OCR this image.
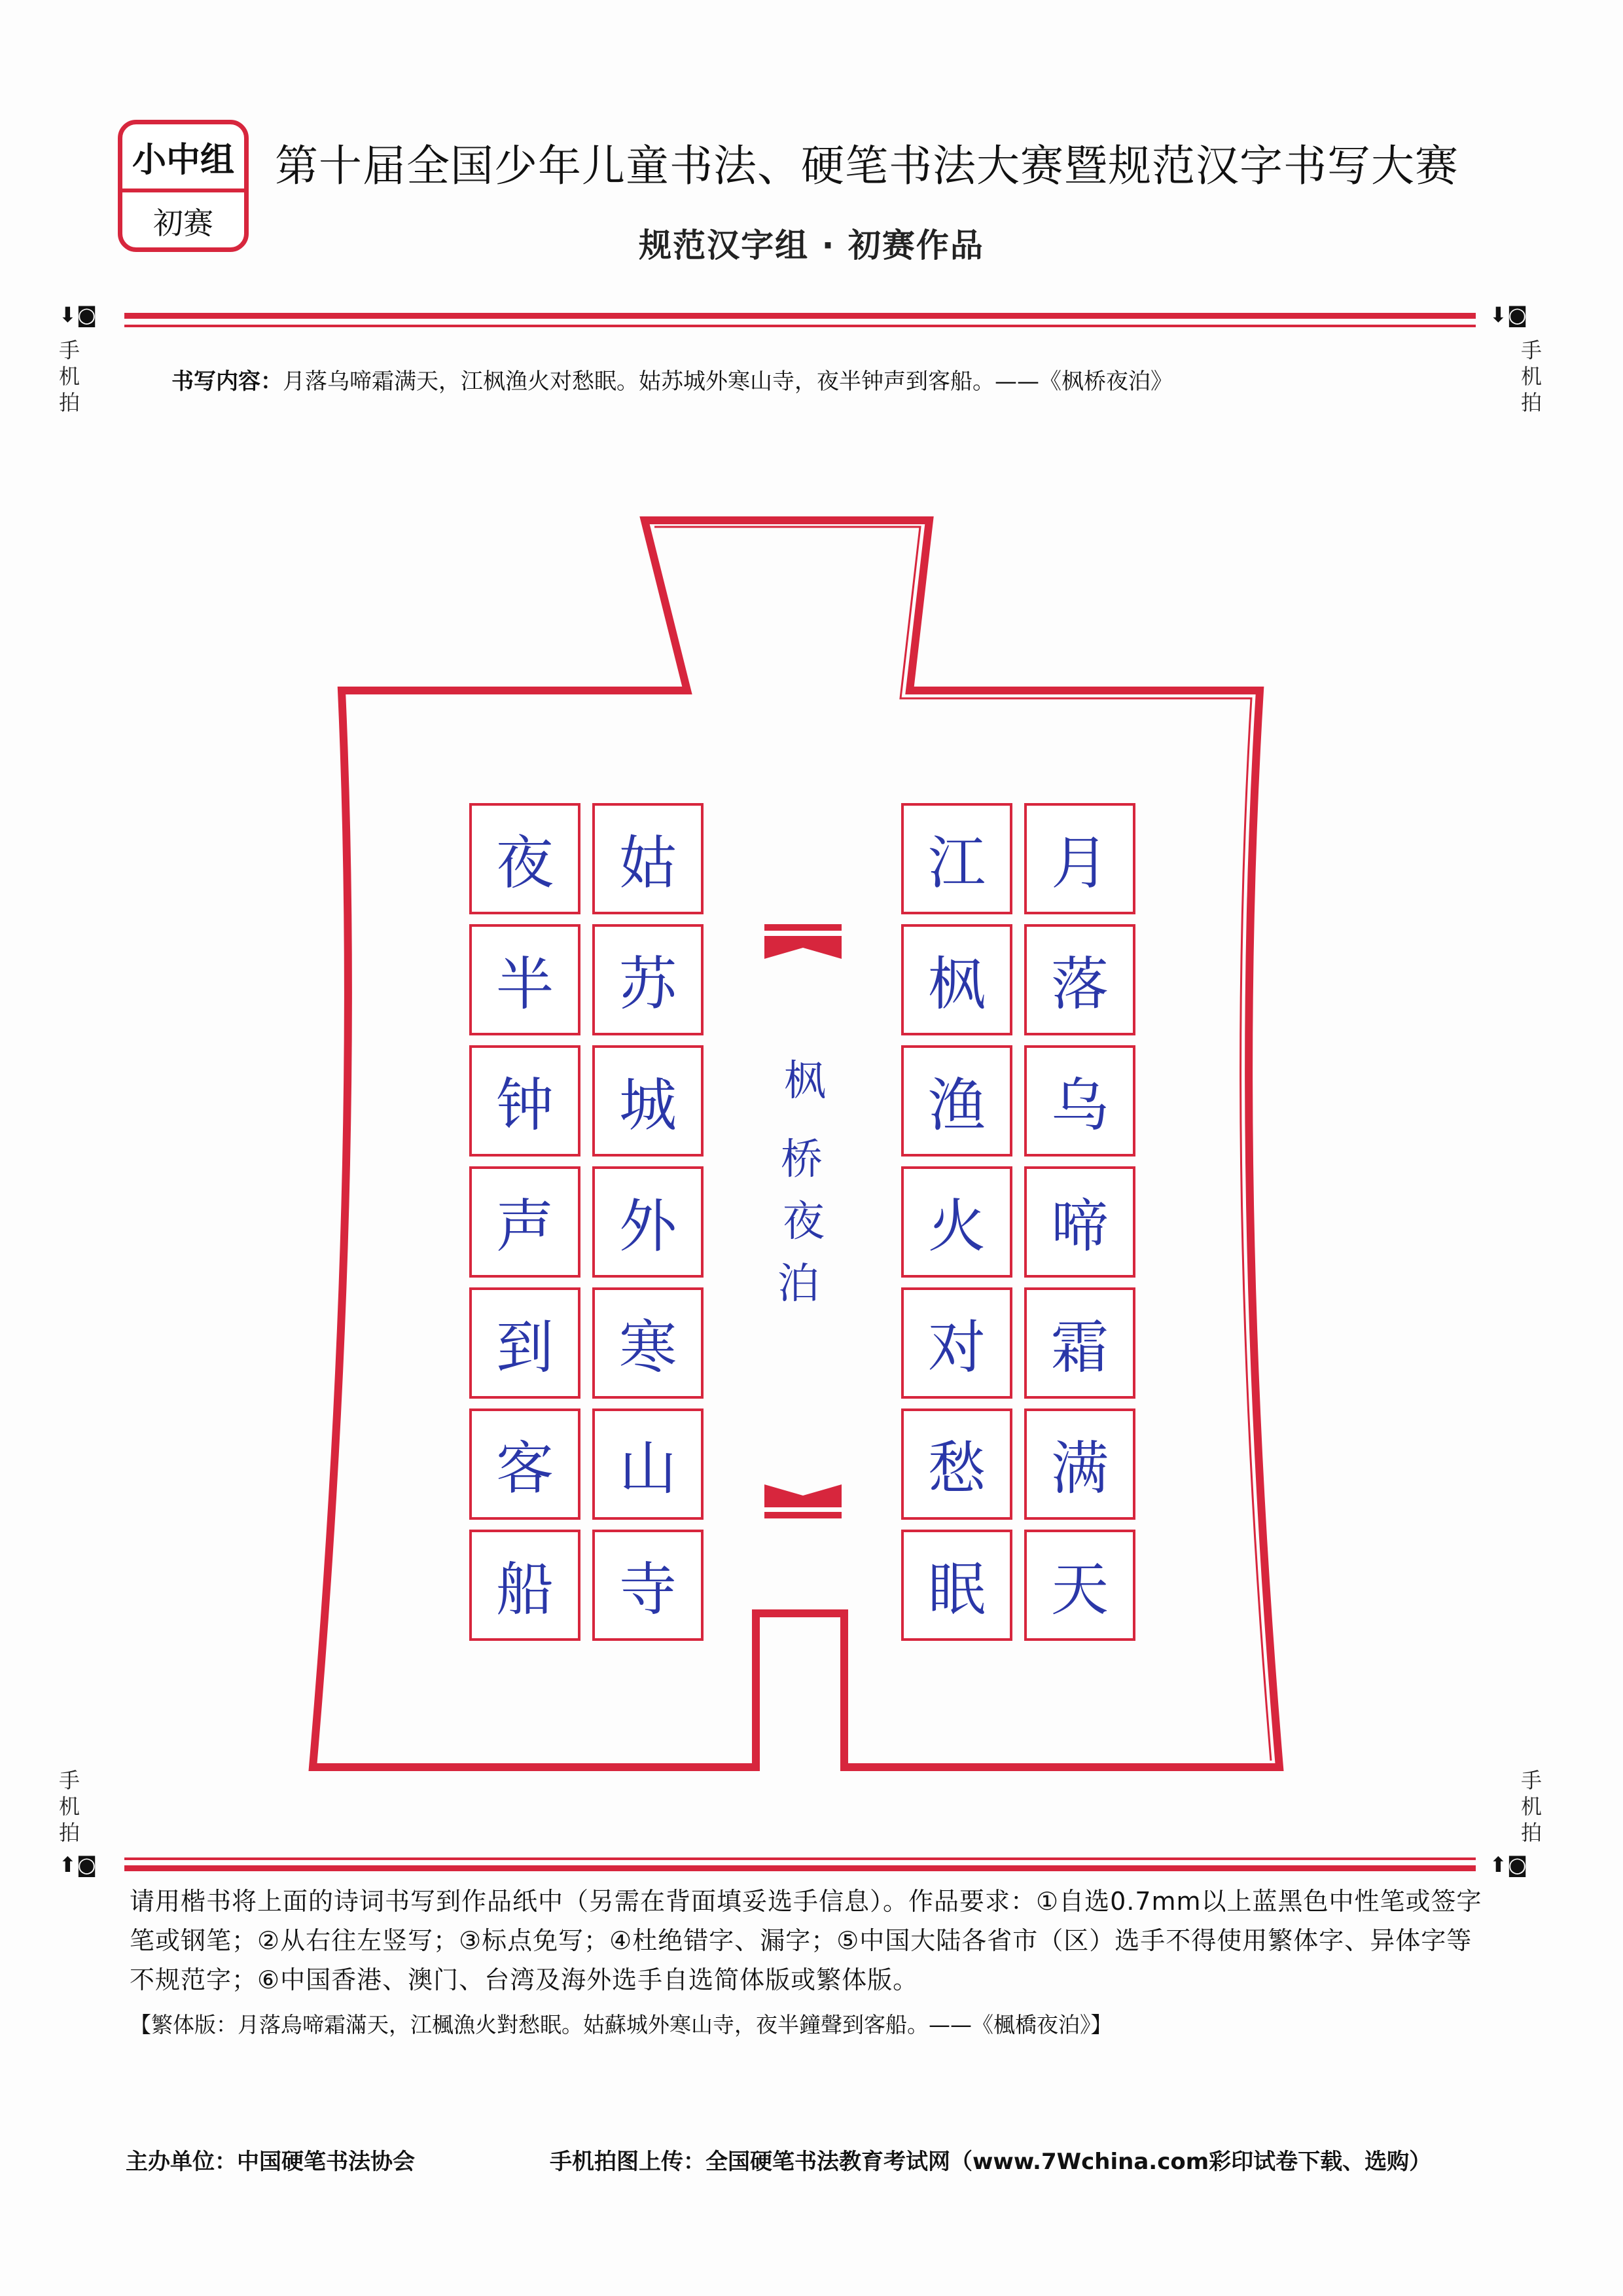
小中组
初赛
第十届全国少年儿童书法、硬笔书法大赛暨规范汉字书写大赛
规范汉字组 · 初赛作品
⬇◙	⬇◙
手
机
拍
手
机
拍
书写内容：月落乌啼霜满天，江枫渔火对愁眠。姑苏城外寒山寺，夜半钟声到客船。——《枫桥夜泊》
夜
半
钟
声
到
客
船
姑
苏
城
外
寒
山
寺
江
枫
渔
火
对
愁
眠
月
落
乌
啼
霜
满
天
枫
桥
夜
泊
手
机
拍
手
机
拍
⬆◙	⬆◙
请用楷书将上面的诗词书写到作品纸中（另需在背面填妥选手信息）。作品要求：①自选0.7mm以上蓝黑色中性笔或签字笔或钢笔；②从右往左竖写；③标点免写；④杜绝错字、漏字；⑤中国大陆各省市（区）选手不得使用繁体字、异体字等不规范字；⑥中国香港、澳门、台湾及海外选手自选简体版或繁体版。
【繁体版：月落烏啼霜滿天，江楓漁火對愁眠。姑蘇城外寒山寺，夜半鐘聲到客船。——《楓橋夜泊》】
主办单位：中国硬笔书法协会	手机拍图上传：全国硬笔书法教育考试网（www.7Wchina.com彩印试卷下载、选购）
